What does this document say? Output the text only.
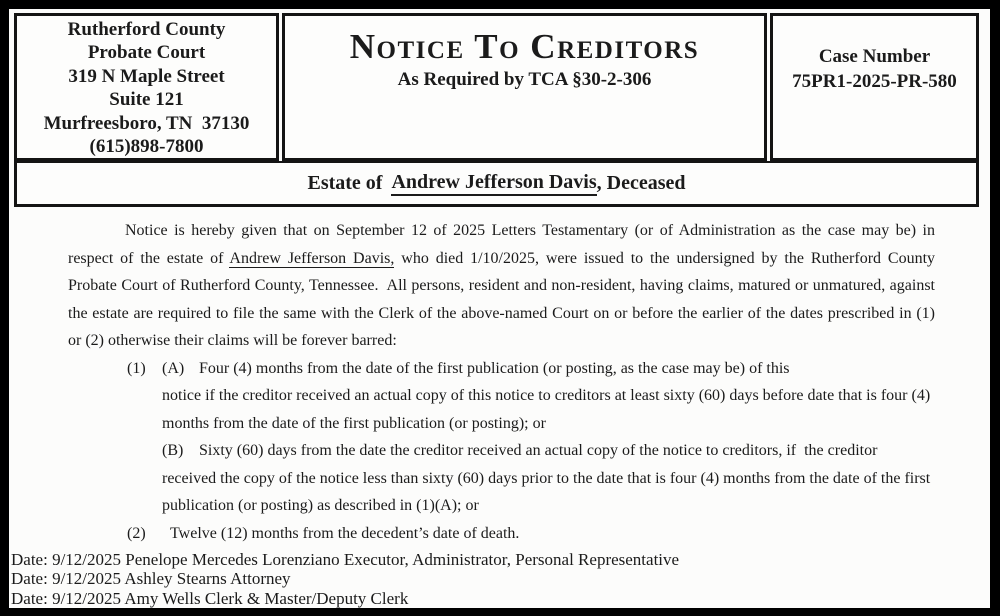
Rutherford County
Probate Court
319 N Maple Street
Suite 121
Murfreesboro, TN  37130
(615)898-7800
Notice To Creditors
As Required by TCA §30-2-306
Case Number
75PR1-2025-PR-580
Estate of Andrew Jefferson Davis , Deceased
Notice is hereby given that on September 12 of 2025 Letters Testamentary (or of Administration as the case may be) in
respect of the estate of Andrew Jefferson Davis, who died 1/10/2025, were issued to the undersigned by the Rutherford County
Probate Court of Rutherford County, Tennessee.  All persons, resident and non-resident, having claims, matured or unmatured, against
the estate are required to file the same with the Clerk of the above-named Court on or before the earlier of the dates prescribed in (1)
or (2) otherwise their claims will be forever barred:
(1) (A) Four (4) months from the date of the first publication (or posting, as the case may be) of this
notice if the creditor received an actual copy of this notice to creditors at least sixty (60) days before date that is four (4)
months from the date of the first publication (or posting); or
(B) Sixty (60) days from the date the creditor received an actual copy of the notice to creditors, if  the creditor
received the copy of the notice less than sixty (60) days prior to the date that is four (4) months from the date of the first
publication (or posting) as described in (1)(A); or
(2) Twelve (12) months from the decedent’s date of death.
Date: 9/12/2025 Penelope Mercedes Lorenziano Executor, Administrator, Personal Representative
Date: 9/12/2025 Ashley Stearns Attorney
Date: 9/12/2025 Amy Wells Clerk & Master/Deputy Clerk
